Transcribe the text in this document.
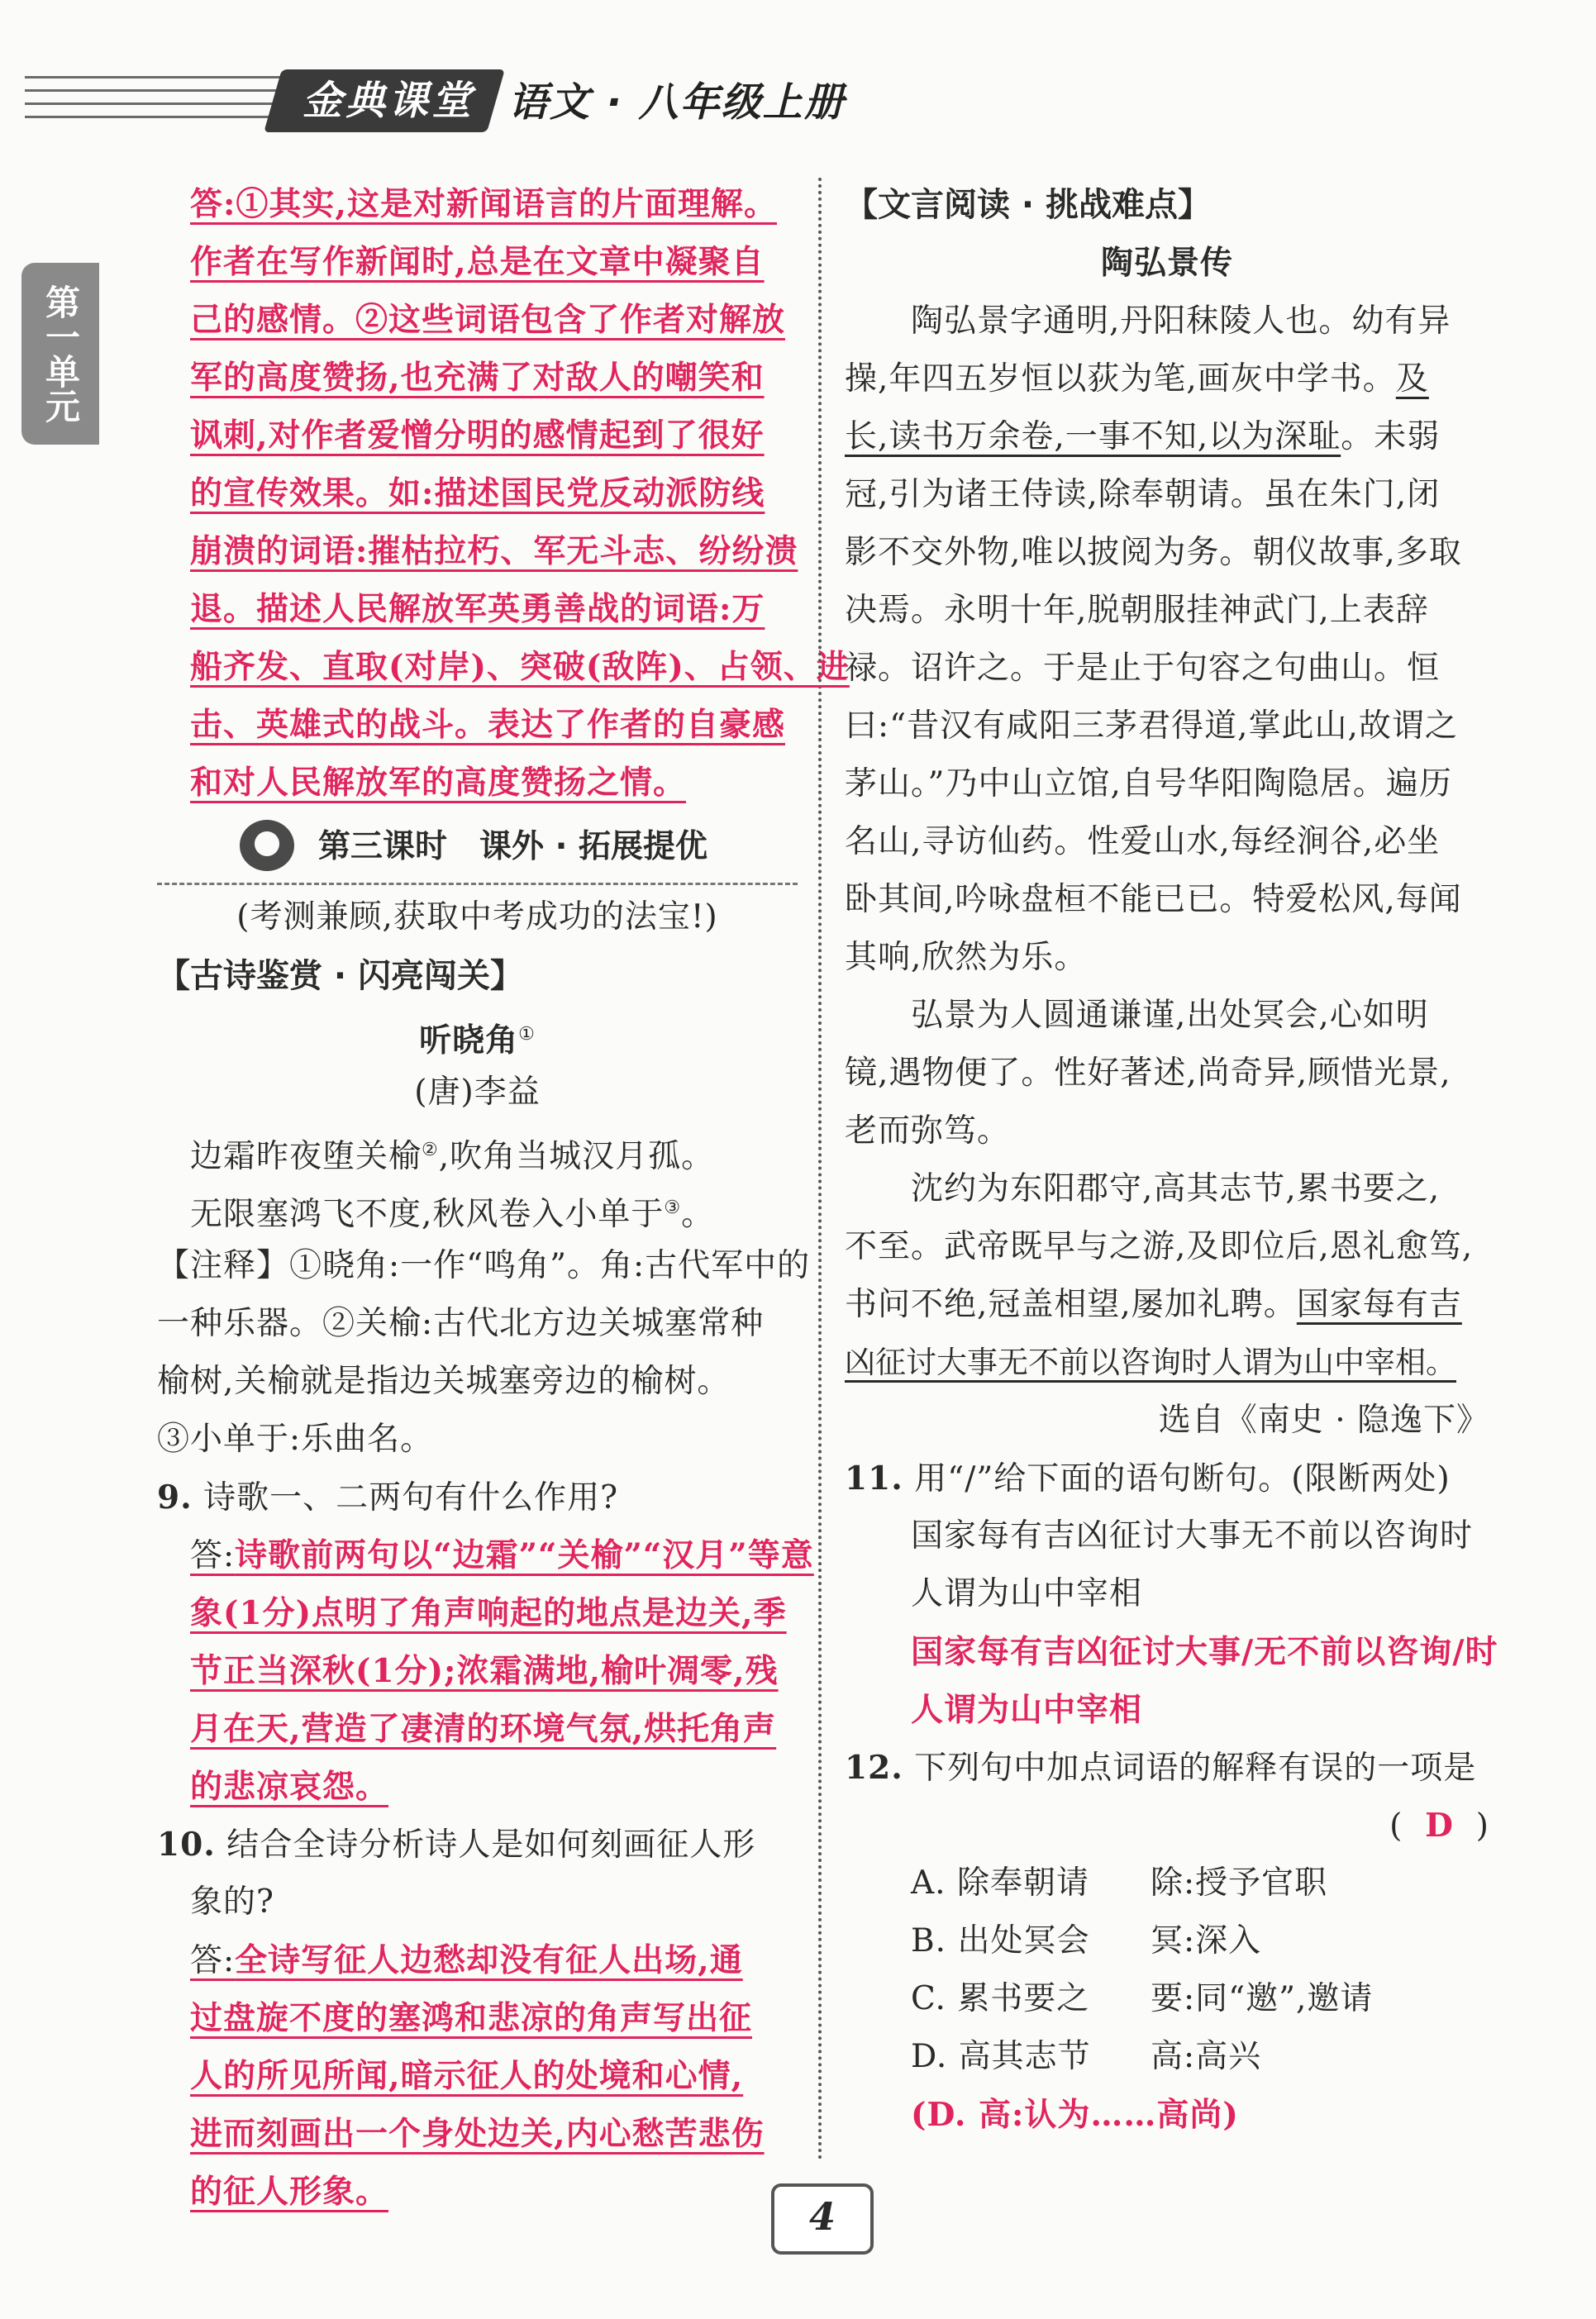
金典课堂 语文 · 八年级上册
第一单元
答:①其实,这是对新闻语言的片面理解。
作者在写作新闻时,总是在文章中凝聚自
己的感情。②这些词语包含了作者对解放
军的高度赞扬,也充满了对敌人的嘲笑和
讽刺,对作者爱憎分明的感情起到了很好
的宣传效果。如:描述国民党反动派防线
崩溃的词语:摧枯拉朽、军无斗志、纷纷溃
退。描述人民解放军英勇善战的词语:万
船齐发、直取(对岸)、突破(敌阵)、占领、进
击、英雄式的战斗。表达了作者的自豪感
和对人民解放军的高度赞扬之情。
第三课时　课外 · 拓展提优
(考测兼顾,获取中考成功的法宝!)
【古诗鉴赏 · 闪亮闯关】
听晓角①
(唐)李益
边霜昨夜堕关榆②,吹角当城汉月孤。
无限塞鸿飞不度,秋风卷入小单于③。
【注释】①晓角:一作“鸣角”。角:古代军中的
一种乐器。②关榆:古代北方边关城塞常种
榆树,关榆就是指边关城塞旁边的榆树。
③小单于:乐曲名。
9. 诗歌一、二两句有什么作用?
答:诗歌前两句以“边霜”“关榆”“汉月”等意
象(1分)点明了角声响起的地点是边关,季
节正当深秋(1分);浓霜满地,榆叶凋零,残
月在天,营造了凄清的环境气氛,烘托角声
的悲凉哀怨。
10. 结合全诗分析诗人是如何刻画征人形
象的?
答:全诗写征人边愁却没有征人出场,通
过盘旋不度的塞鸿和悲凉的角声写出征
人的所见所闻,暗示征人的处境和心情,
进而刻画出一个身处边关,内心愁苦悲伤
的征人形象。
【文言阅读 · 挑战难点】
陶弘景传
陶弘景字通明,丹阳秣陵人也。幼有异
操,年四五岁恒以荻为笔,画灰中学书。及
长,读书万余卷,一事不知,以为深耻。未弱
冠,引为诸王侍读,除奉朝请。虽在朱门,闭
影不交外物,唯以披阅为务。朝仪故事,多取
决焉。永明十年,脱朝服挂神武门,上表辞
禄。诏许之。于是止于句容之句曲山。恒
曰:“昔汉有咸阳三茅君得道,掌此山,故谓之
茅山。”乃中山立馆,自号华阳陶隐居。遍历
名山,寻访仙药。性爱山水,每经涧谷,必坐
卧其间,吟咏盘桓不能已已。特爱松风,每闻
其响,欣然为乐。
弘景为人圆通谦谨,出处冥会,心如明
镜,遇物便了。性好著述,尚奇异,顾惜光景,
老而弥笃。
沈约为东阳郡守,高其志节,累书要之,
不至。武帝既早与之游,及即位后,恩礼愈笃,
书问不绝,冠盖相望,屡加礼聘。国家每有吉
凶征讨大事无不前以咨询时人谓为山中宰相。
选自《南史 · 隐逸下》
11. 用“/”给下面的语句断句。(限断两处)
国家每有吉凶征讨大事无不前以咨询时
人谓为山中宰相
国家每有吉凶征讨大事/无不前以咨询/时
人谓为山中宰相
12. 下列句中加点词语的解释有误的一项是
( D )
A. 除奉朝请 除:授予官职
B. 出处冥会 冥:深入
C. 累书要之 要:同“邀”,邀请
D. 高其志节 高:高兴
(D. 高:认为……高尚)
4
